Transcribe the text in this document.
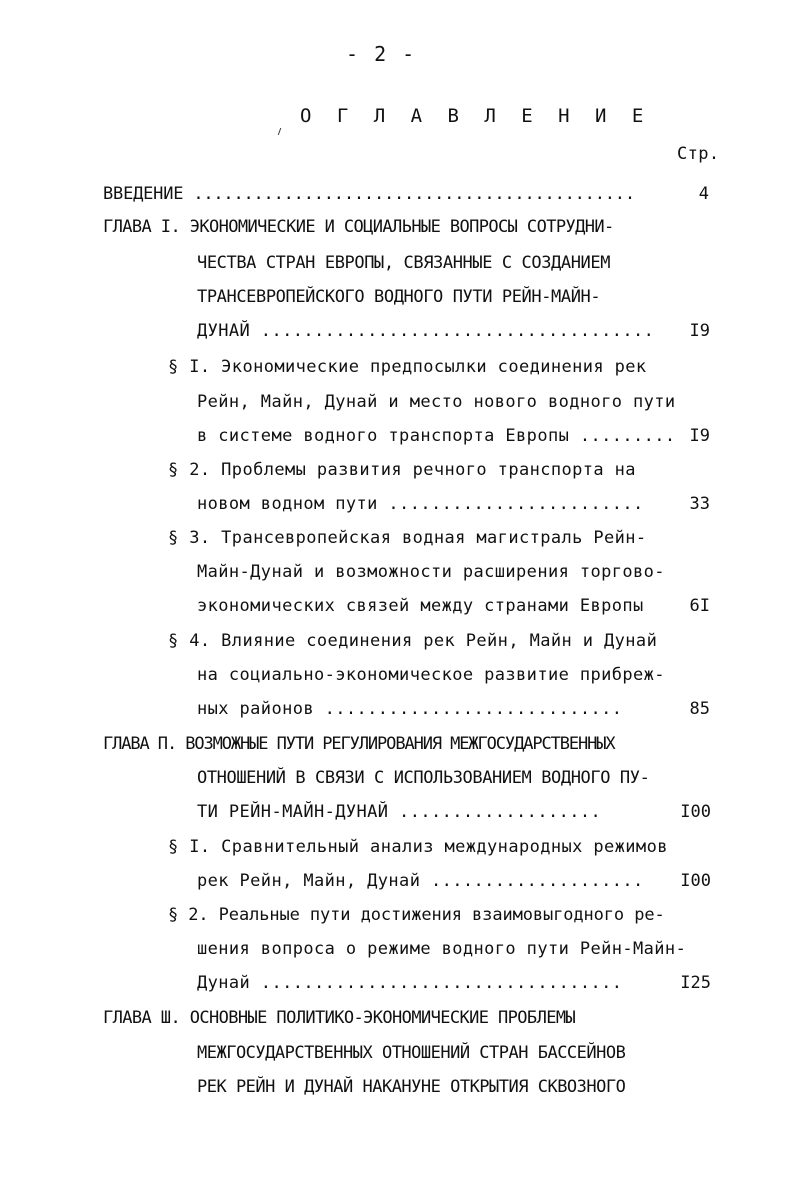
- 2 -
О Г Л А В Л Е Н И Е
Стр.
ВВЕДЕНИЕ ............................................	4
ГЛАВА I. ЭКОНОМИЧЕСКИЕ И СОЦИАЛЬНЫЕ ВОПРОСЫ СОТРУДНИ-
ЧЕСТВА СТРАН ЕВРОПЫ, СВЯЗАННЫЕ С СОЗДАНИЕМ
ТРАНСЕВРОПЕЙСКОГО ВОДНОГО ПУТИ РЕЙН-МАЙН-
ДУНАЙ ..................................... I9
§ I. Экономические предпосылки соединения рек
Рейн, Майн, Дунай и место нового водного пути
в системе водного транспорта Европы ......... I9
§ 2. Проблемы развития речного транспорта на
новом водном пути ........................	33
§ 3. Трансевропейская водная магистраль Рейн-
Майн-Дунай и возможности расширения торгово-
экономических связей между странами Европы	6I
§ 4. Влияние соединения рек Рейн, Майн и Дунай
на социально-экономическое развитие прибреж-
ных районов ............................	85
ГЛАВА П. ВОЗМОЖНЫЕ ПУТИ РЕГУЛИРОВАНИЯ МЕЖГОСУДАРСТВЕННЫХ
ОТНОШЕНИЙ В СВЯЗИ С ИСПОЛЬЗОВАНИЕМ ВОДНОГО ПУ-
ТИ РЕЙН-МАЙН-ДУНАЙ ...................	I00
§ I. Сравнительный анализ международных режимов
рек Рейн, Майн, Дунай .................... I00
§ 2. Реальные пути достижения взаимовыгодного ре-
шения вопроса о режиме водного пути Рейн-Майн-
Дунай ..................................	I25
ГЛАВА Ш. ОСНОВНЫЕ ПОЛИТИКО-ЭКОНОМИЧЕСКИЕ ПРОБЛЕМЫ
МЕЖГОСУДАРСТВЕННЫХ ОТНОШЕНИЙ СТРАН БАССЕЙНОВ
РЕК РЕЙН И ДУНАЙ НАКАНУНЕ ОТКРЫТИЯ СКВОЗНОГО
